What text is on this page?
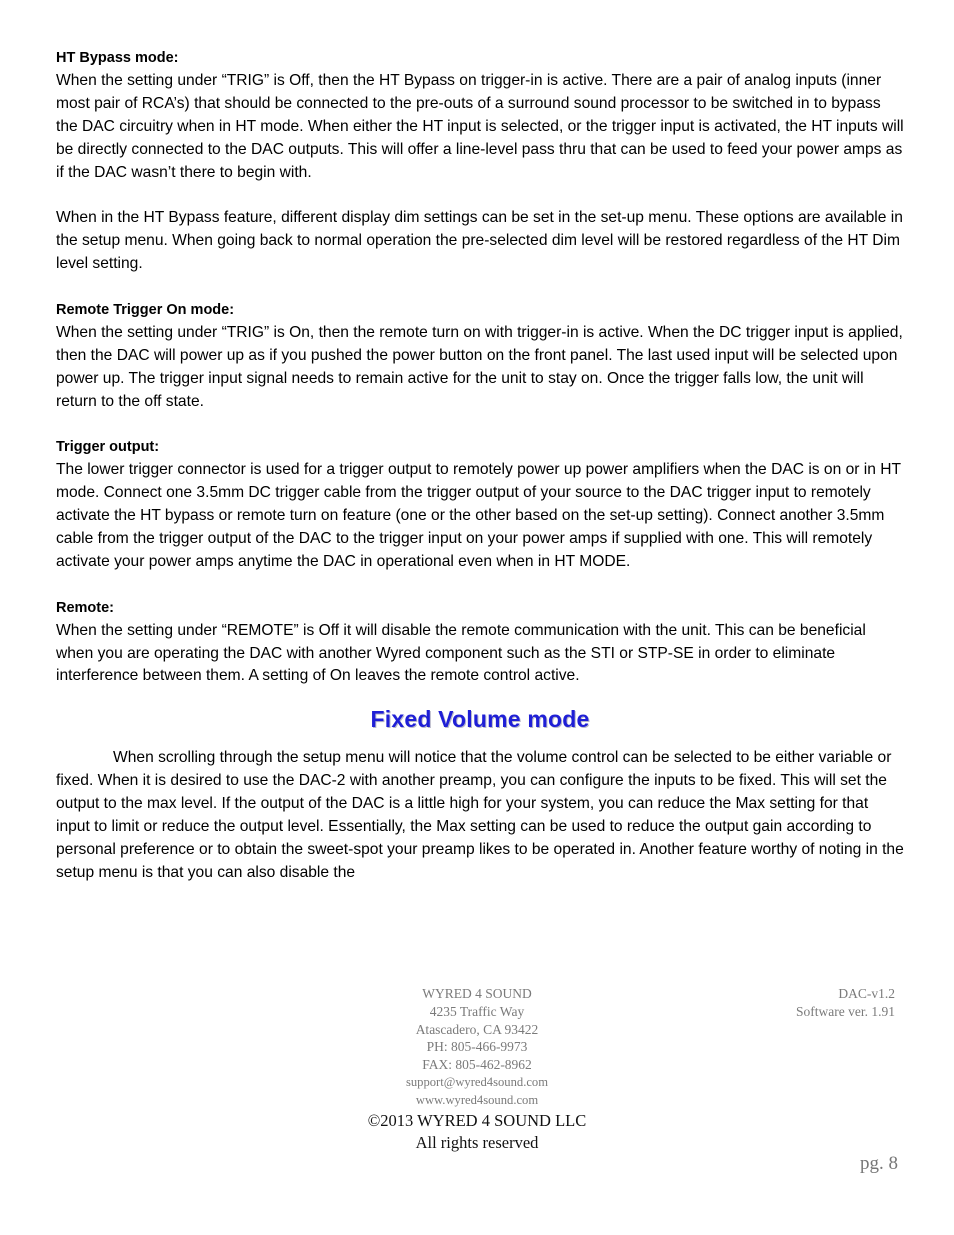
HT Bypass mode:

When the setting under “TRIG” is Off, then the HT Bypass on trigger-in is active. There are a pair of analog inputs (inner most pair of RCA’s) that should be connected to the pre-outs of a surround sound processor to be switched in to bypass the DAC circuitry when in HT mode. When either the HT input is selected, or the trigger input is activated, the HT inputs will be directly connected to the DAC outputs. This will offer a line-level pass thru that can be used to feed your power amps as if the DAC wasn’t there to begin with.

When in the HT Bypass feature, different display dim settings can be set in the set-up menu. These options are available in the setup menu. When going back to normal operation the pre-selected dim level will be restored regardless of the HT Dim level setting.

Remote Trigger On mode:

When the setting under “TRIG” is On, then the remote turn on with trigger-in is active. When the DC trigger input is applied, then the DAC will power up as if you pushed the power button on the front panel. The last used input will be selected upon power up. The trigger input signal needs to remain active for the unit to stay on. Once the trigger falls low, the unit will return to the off state.

Trigger output:

The lower trigger connector is used for a trigger output to remotely power up power amplifiers when the DAC is on or in HT mode. Connect one 3.5mm DC trigger cable from the trigger output of your source to the DAC trigger input to remotely activate the HT bypass or remote turn on feature (one or the other based on the set-up setting). Connect another 3.5mm cable from the trigger output of the DAC to the trigger input on your power amps if supplied with one. This will remotely activate your power amps anytime the DAC in operational even when in HT MODE.

Remote:

When the setting under “REMOTE” is Off it will disable the remote communication with the unit. This can be beneficial when you are operating the DAC with another Wyred component such as the STI or STP-SE in order to eliminate interference between them. A setting of On leaves the remote control active.

Fixed Volume mode

When scrolling through the setup menu will notice that the volume control can be selected to be either variable or fixed. When it is desired to use the DAC-2 with another preamp, you can configure the inputs to be fixed. This will set the output to the max level. If the output of the DAC is a little high for your system, you can reduce the Max setting for that input to limit or reduce the output level. Essentially, the Max setting can be used to reduce the output gain according to personal preference or to obtain the sweet-spot your preamp likes to be operated in. Another feature worthy of noting in the setup menu is that you can also disable the

WYRED 4 SOUND
4235 Traffic Way
Atascadero, CA 93422
PH: 805-466-9973
FAX: 805-462-8962
support@wyred4sound.com
www.wyred4sound.com
©2013 WYRED 4 SOUND LLC
All rights reserved
DAC-v1.2
Software ver. 1.91
pg. 8
